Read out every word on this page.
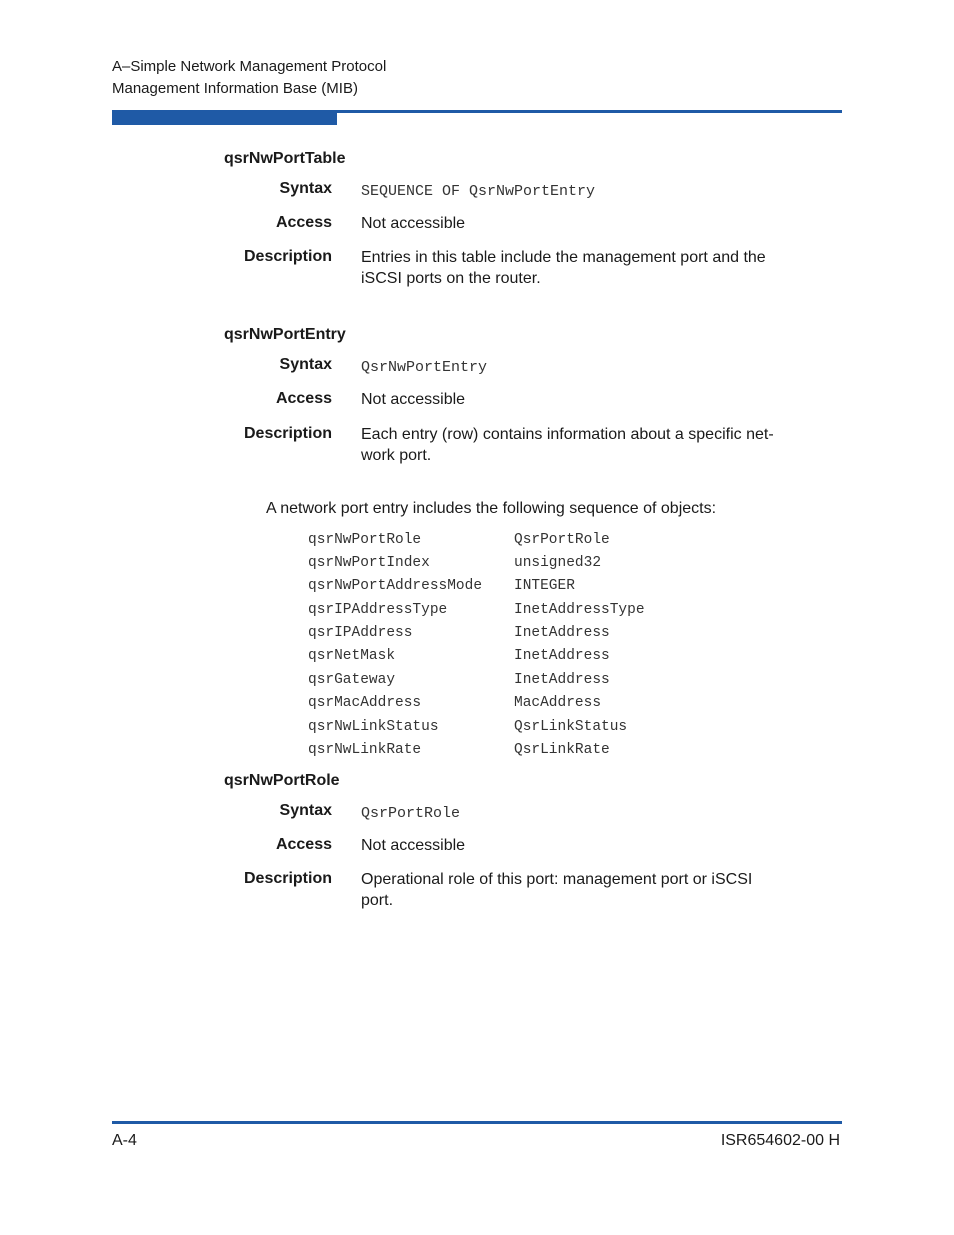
A–Simple Network Management Protocol
Management Information Base (MIB)
qsrNwPortTable
Syntax SEQUENCE OF QsrNwPortEntry
Access Not accessible
Description Entries in this table include the management port and the
iSCSI ports on the router.
qsrNwPortEntry
Syntax QsrNwPortEntry
Access Not accessible
Description Each entry (row) contains information about a specific net-
work port.
A network port entry includes the following sequence of objects:
qsrNwPortRole	QsrPortRole
qsrNwPortIndex	unsigned32
qsrNwPortAddressMode INTEGER
qsrIPAddressType	InetAddressType
qsrIPAddress	InetAddress
qsrNetMask	InetAddress
qsrGateway	InetAddress
qsrMacAddress	MacAddress
qsrNwLinkStatus	QsrLinkStatus
qsrNwLinkRate	QsrLinkRate
qsrNwPortRole
Syntax QsrPortRole
Access Not accessible
Description Operational role of this port: management port or iSCSI
port.
A-4	ISR654602-00 H
